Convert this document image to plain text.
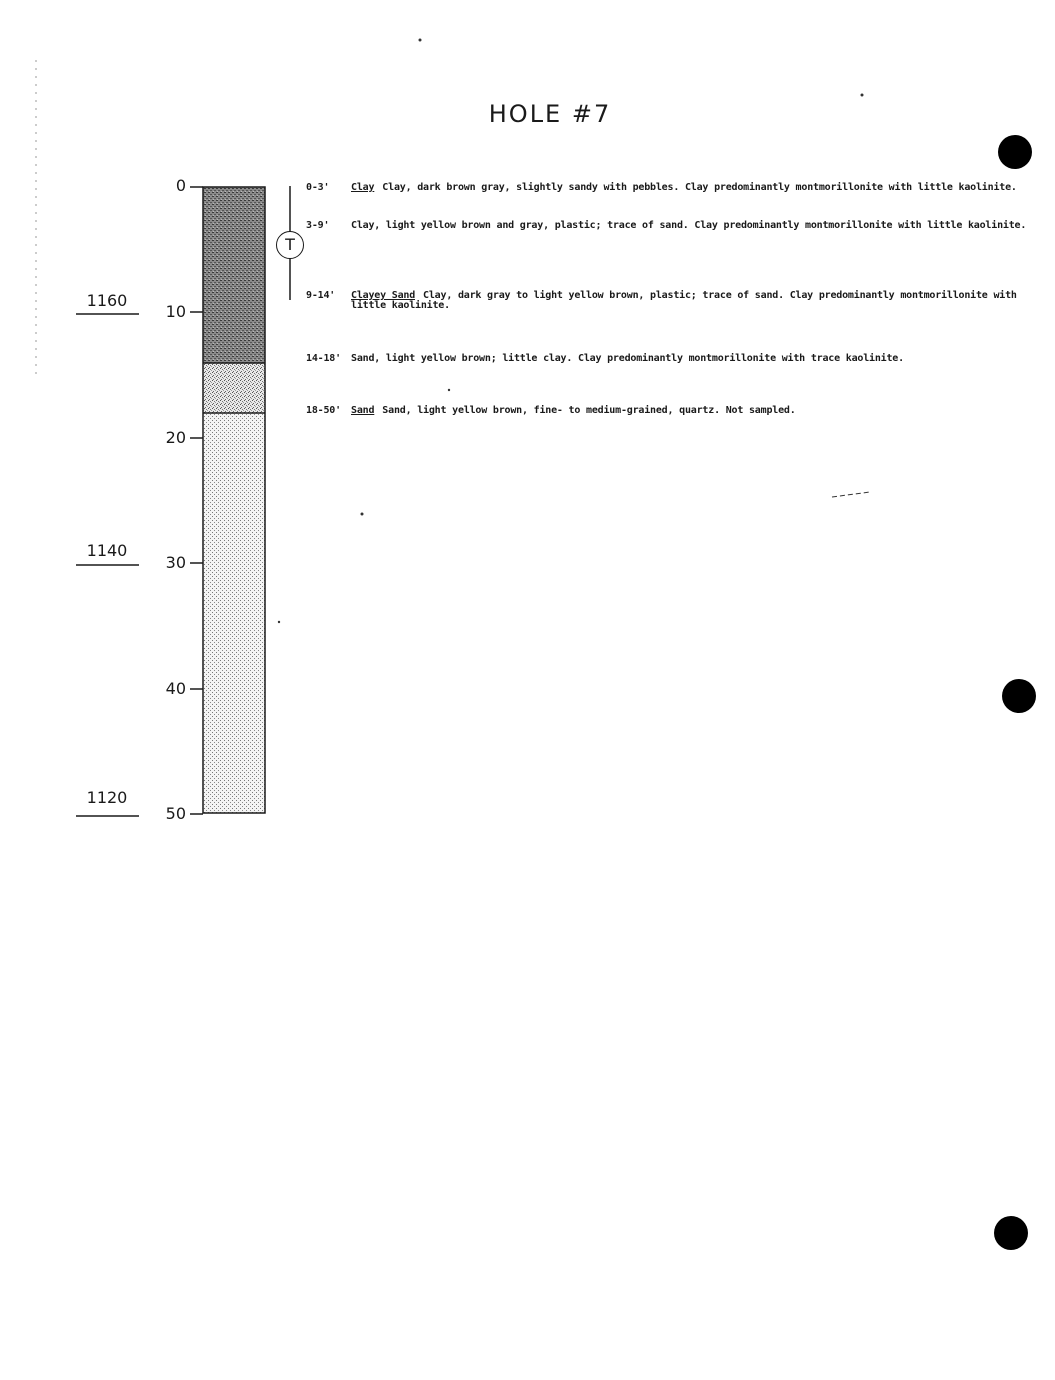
HOLE #7
0
10
20
30
40
50
1160
1140
1120
T
0-3' Clay Clay, dark brown gray, slightly sandy with pebbles. Clay predominantly montmorillonite with little kaolinite.
3-9' Clay, light yellow brown and gray, plastic; trace of sand. Clay predominantly montmorillonite with little kaolinite.
9-14' Clayey Sand Clay, dark gray to light yellow brown, plastic; trace of sand. Clay predominantly montmorillonite with little kaolinite.
14-18' Sand, light yellow brown; little clay. Clay predominantly montmorillonite with trace kaolinite.
18-50' Sand Sand, light yellow brown, fine- to medium-grained, quartz. Not sampled.
